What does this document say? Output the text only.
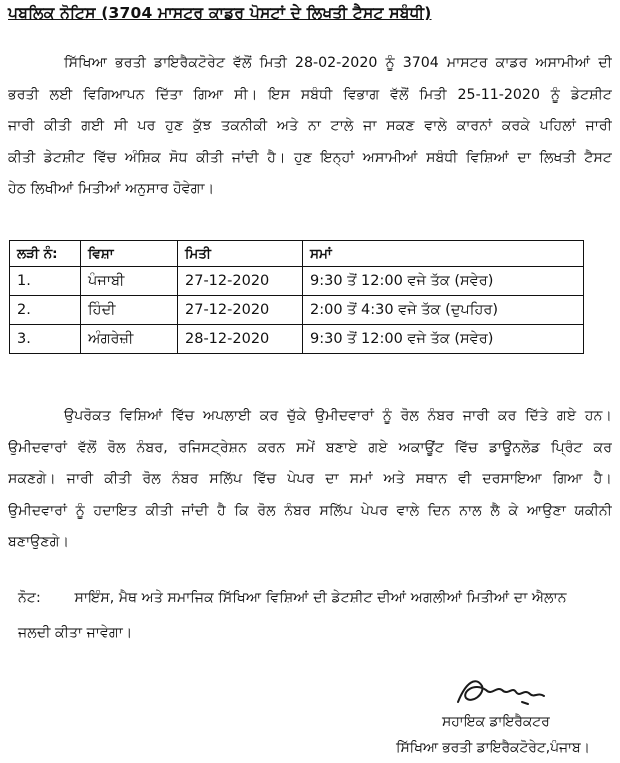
ਪਬਲਿਕ ਨੋਟਿਸ (3704 ਮਾਸਟਰ ਕਾਡਰ ਪੋਸਟਾਂ ਦੇ ਲਿਖਤੀ ਟੈਸਟ ਸਬੰਧੀ)
ਸਿੱਖਿਆ ਭਰਤੀ ਡਾਇਰੈਕਟੋਰੇਟ ਵੱਲੋਂ ਮਿਤੀ 28-02-2020 ਨੂੰ 3704 ਮਾਸਟਰ ਕਾਡਰ ਅਸਾਮੀਆਂ ਦੀ
ਭਰਤੀ ਲਈ ਵਿਗਿਆਪਨ ਦਿੱਤਾ ਗਿਆ ਸੀ। ਇਸ ਸਬੰਧੀ ਵਿਭਾਗ ਵੱਲੋਂ ਮਿਤੀ 25-11-2020 ਨੂੰ ਡੇਟਸ਼ੀਟ
ਜਾਰੀ ਕੀਤੀ ਗਈ ਸੀ ਪਰ ਹੁਣ ਕੁੱਝ ਤਕਨੀਕੀ ਅਤੇ ਨਾ ਟਾਲੇ ਜਾ ਸਕਣ ਵਾਲੇ ਕਾਰਨਾਂ ਕਰਕੇ ਪਹਿਲਾਂ ਜਾਰੀ
ਕੀਤੀ ਡੇਟਸ਼ੀਟ ਵਿੱਚ ਅੰਸ਼ਿਕ ਸੋਧ ਕੀਤੀ ਜਾਂਦੀ ਹੈ। ਹੁਣ ਇਨ੍ਹਾਂ ਅਸਾਮੀਆਂ ਸਬੰਧੀ ਵਿਸ਼ਿਆਂ ਦਾ ਲਿਖਤੀ ਟੈਸਟ
ਹੇਠ ਲਿਖੀਆਂ ਮਿਤੀਆਂ ਅਨੁਸਾਰ ਹੋਵੇਗਾ।
ਲੜੀ ਨੰ:	ਵਿਸ਼ਾ	ਮਿਤੀ	ਸਮਾਂ
1.	ਪੰਜਾਬੀ	27-12-2020	9:30 ਤੋਂ 12:00 ਵਜੇ ਤੱਕ (ਸਵੇਰ)
2.	ਹਿੰਦੀ	27-12-2020	2:00 ਤੋਂ 4:30 ਵਜੇ ਤੱਕ (ਦੁਪਹਿਰ)
3.	ਅੰਗਰੇਜ਼ੀ	28-12-2020	9:30 ਤੋਂ 12:00 ਵਜੇ ਤੱਕ (ਸਵੇਰ)
ਉਪਰੋਕਤ ਵਿਸ਼ਿਆਂ ਵਿੱਚ ਅਪਲਾਈ ਕਰ ਚੁੱਕੇ ਉਮੀਦਵਾਰਾਂ ਨੂੰ ਰੋਲ ਨੰਬਰ ਜਾਰੀ ਕਰ ਦਿੱਤੇ ਗਏ ਹਨ।
ਉਮੀਦਵਾਰਾਂ ਵੱਲੋਂ ਰੋਲ ਨੰਬਰ, ਰਜਿਸਟ੍ਰੇਸ਼ਨ ਕਰਨ ਸਮੇਂ ਬਣਾਏ ਗਏ ਅਕਾਊਂਟ ਵਿੱਚ ਡਾਊਨਲੋਡ ਪ੍ਰਿੰਟ ਕਰ
ਸਕਣਗੇ। ਜਾਰੀ ਕੀਤੀ ਰੋਲ ਨੰਬਰ ਸਲਿੱਪ ਵਿੱਚ ਪੇਪਰ ਦਾ ਸਮਾਂ ਅਤੇ ਸਥਾਨ ਵੀ ਦਰਸਾਇਆ ਗਿਆ ਹੈ।
ਉਮੀਦਵਾਰਾਂ ਨੂੰ ਹਦਾਇਤ ਕੀਤੀ ਜਾਂਦੀ ਹੈ ਕਿ ਰੋਲ ਨੰਬਰ ਸਲਿੱਪ ਪੇਪਰ ਵਾਲੇ ਦਿਨ ਨਾਲ ਲੈ ਕੇ ਆਉਣਾ ਯਕੀਨੀ
ਬਣਾਉਣਗੇ।
ਨੋਟ: ਸਾਇੰਸ, ਮੈਥ ਅਤੇ ਸਮਾਜਿਕ ਸਿੱਖਿਆ ਵਿਸ਼ਿਆਂ ਦੀ ਡੇਟਸ਼ੀਟ ਦੀਆਂ ਅਗਲੀਆਂ ਮਿਤੀਆਂ ਦਾ ਐਲਾਨ
ਜਲਦੀ ਕੀਤਾ ਜਾਵੇਗਾ।
ਸਹਾਇਕ ਡਾਇਰੈਕਟਰ
ਸਿੱਖਿਆ ਭਰਤੀ ਡਾਇਰੈਕਟੋਰੇਟ,ਪੰਜਾਬ।
